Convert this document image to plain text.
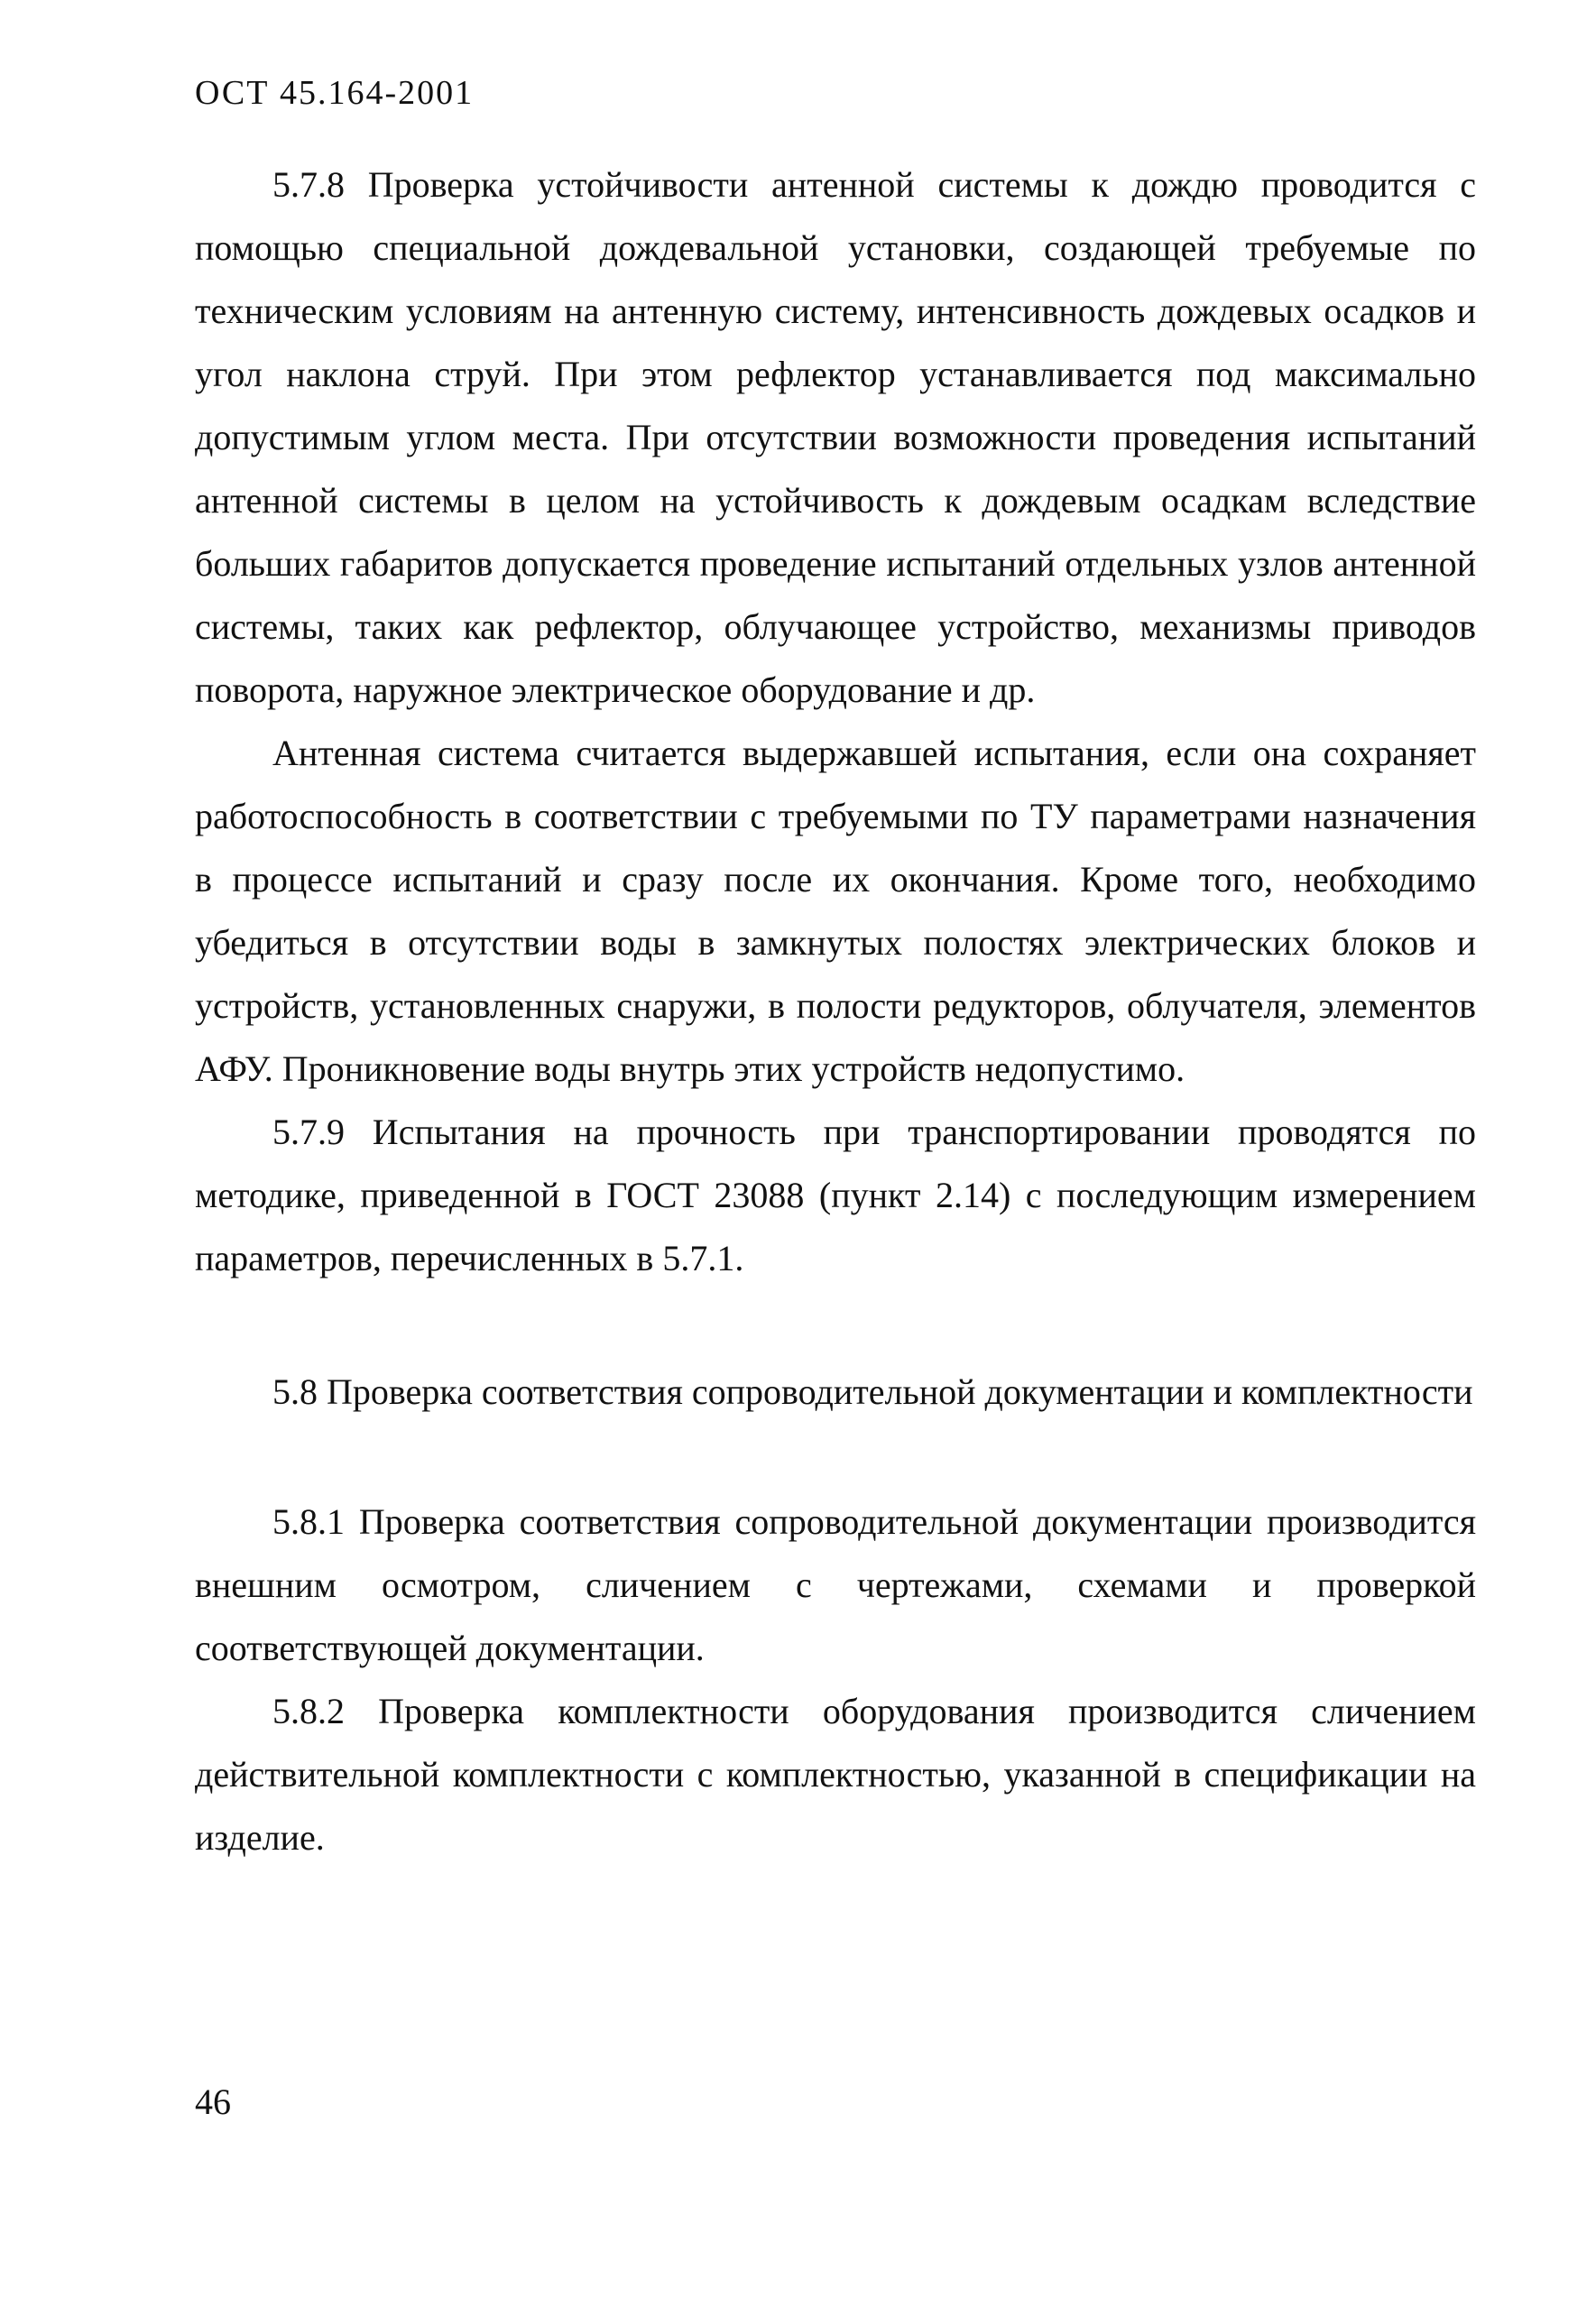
ОСТ 45.164-2001

5.7.8 Проверка устойчивости антенной системы к дождю проводится с помощью специальной дождевальной установки, создающей требуемые по техническим условиям на антенную систему, интенсивность дождевых осадков и угол наклона струй. При этом рефлектор устанавливается под максимально допустимым углом места. При отсутствии возможности проведения испытаний антенной системы в целом на устойчивость к дождевым осадкам вследствие больших габаритов допускается проведение испытаний отдельных узлов антенной системы, таких как рефлектор, облучающее устройство, механизмы приводов поворота, наружное электрическое оборудование и др.

Антенная система считается выдержавшей испытания, если она сохраняет работоспособность в соответствии с требуемыми по ТУ параметрами назначения в процессе испытаний и сразу после их окончания. Кроме того, необходимо убедиться в отсутствии воды в замкнутых полостях электрических блоков и устройств, установленных снаружи, в полости редукторов, облучателя, элементов АФУ. Проникновение воды внутрь этих устройств недопустимо.

5.7.9 Испытания на прочность при транспортировании проводятся по методике, приведенной в ГОСТ 23088 (пункт 2.14) с последующим измерением параметров, перечисленных в 5.7.1.

5.8 Проверка соответствия сопроводительной документации и комплектности

5.8.1 Проверка соответствия сопроводительной документации производится внешним осмотром, сличением с чертежами, схемами и проверкой соответствующей документации.

5.8.2 Проверка комплектности оборудования производится сличением действительной комплектности с комплектностью, указанной в спецификации на изделие.

46
